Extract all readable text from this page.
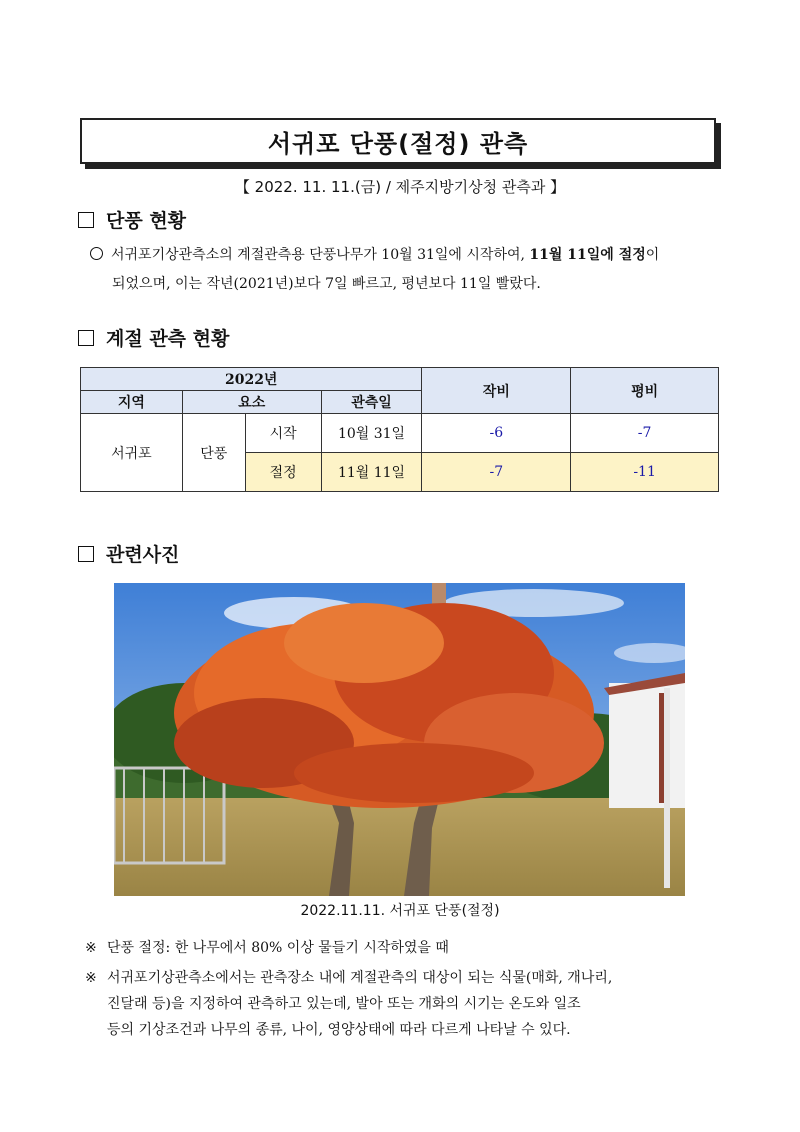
서귀포 단풍(절정) 관측
【 2022. 11. 11.(금) / 제주지방기상청 관측과 】
단풍 현황
서귀포기상관측소의 계절관측용 단풍나무가 10월 31일에 시작하여, 11월 11일에 절정이
되었으며, 이는 작년(2021년)보다 7일 빠르고, 평년보다 11일 빨랐다.
계절 관측 현황
2022년				작비	평비
지역	요소		관측일		
서귀포	단풍	시작	10월 31일	-6	-7
		절정	11월 11일	-7	-11
관련사진
2022.11.11. 서귀포 단풍(절정)
※ 단풍 절정: 한 나무에서 80% 이상 물들기 시작하였을 때
※ 서귀포기상관측소에서는 관측장소 내에 계절관측의 대상이 되는 식물(매화, 개나리,
진달래 등)을 지정하여 관측하고 있는데, 발아 또는 개화의 시기는 온도와 일조
등의 기상조건과 나무의 종류, 나이, 영양상태에 따라 다르게 나타날 수 있다.
